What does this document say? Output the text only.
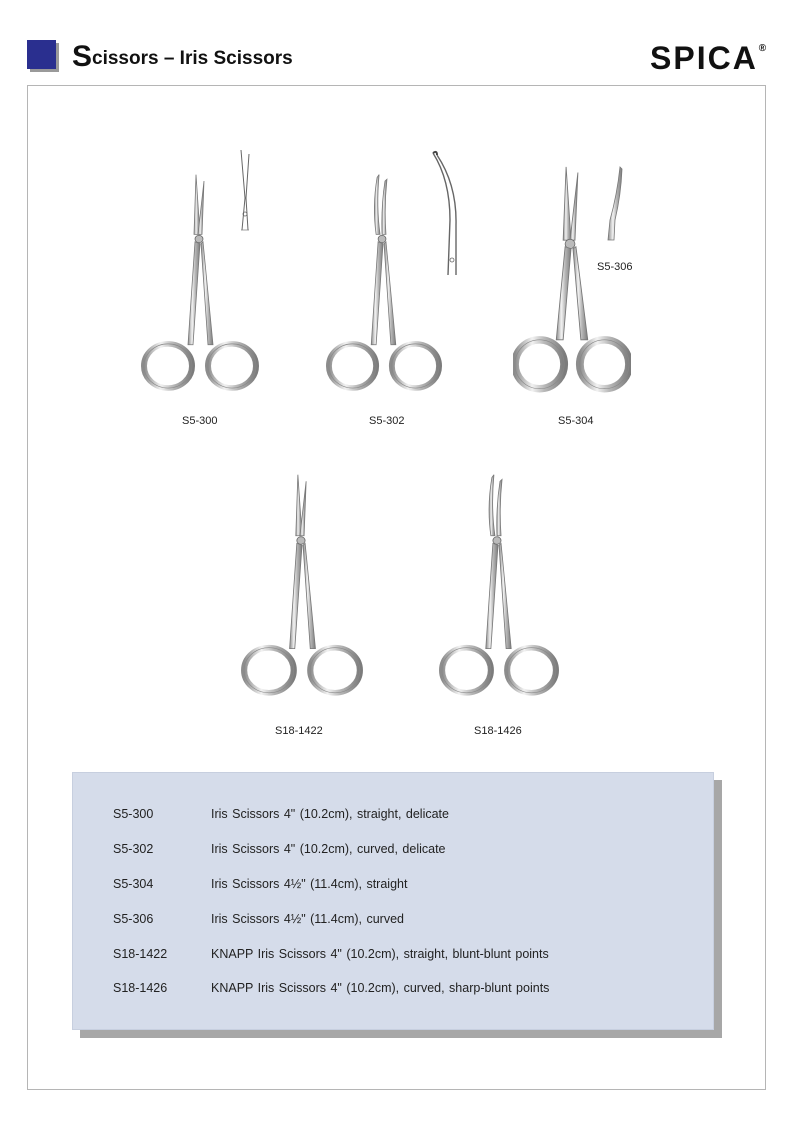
Scissors – Iris Scissors	SPICA®
S5-300	S5-302	S5-304
S5-306
S18-1422	S18-1426
S5-300	Iris Scissors 4" (10.2cm), straight, delicate
S5-302	Iris Scissors 4" (10.2cm), curved, delicate
S5-304	Iris Scissors 4½" (11.4cm), straight
S5-306	Iris Scissors 4½" (11.4cm), curved
S18-1422	KNAPP Iris Scissors 4" (10.2cm), straight, blunt-blunt points
S18-1426	KNAPP Iris Scissors 4" (10.2cm), curved, sharp-blunt points
